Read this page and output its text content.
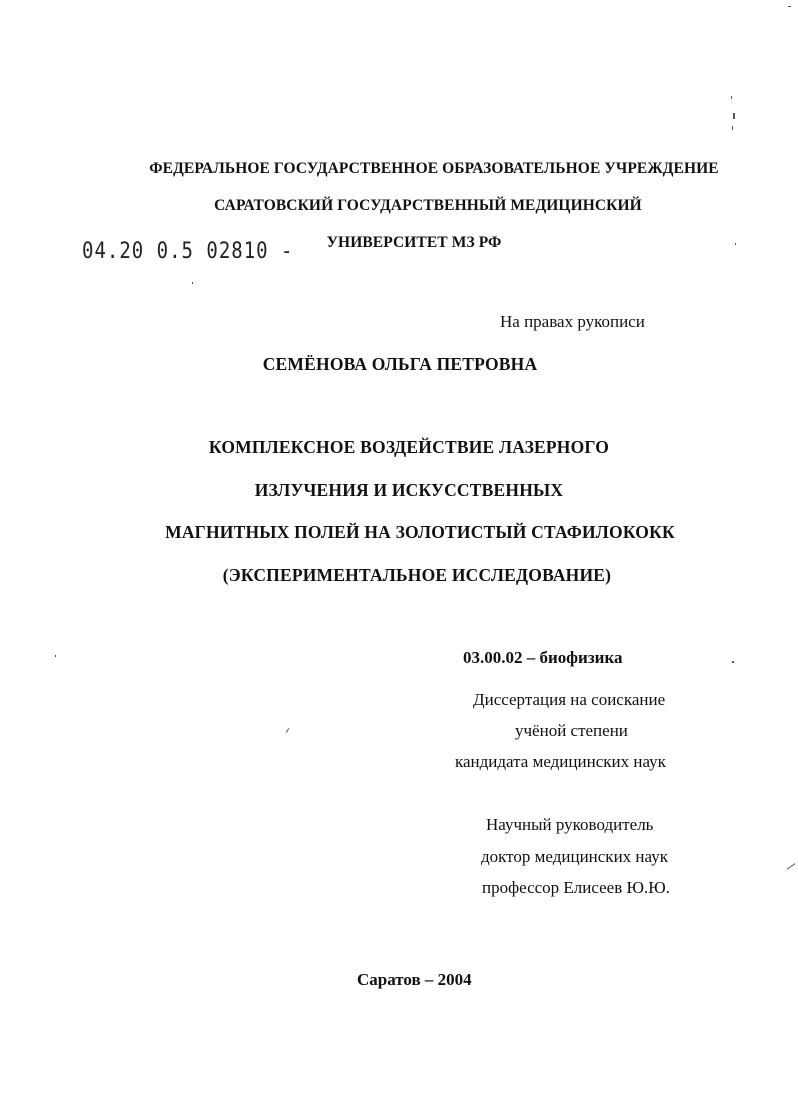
ФЕДЕРАЛЬНОЕ ГОСУДАРСТВЕННОЕ ОБРАЗОВАТЕЛЬНОЕ УЧРЕЖДЕНИЕ
САРАТОВСКИЙ ГОСУДАРСТВЕННЫЙ МЕДИЦИНСКИЙ
УНИВЕРСИТЕТ МЗ РФ
04.20 0.5 02810 -
На правах рукописи
СЕМЁНОВА ОЛЬГА ПЕТРОВНА
КОМПЛЕКСНОЕ ВОЗДЕЙСТВИЕ ЛАЗЕРНОГО
ИЗЛУЧЕНИЯ И ИСКУССТВЕННЫХ
МАГНИТНЫХ ПОЛЕЙ НА ЗОЛОТИСТЫЙ СТАФИЛОКОКК
(ЭКСПЕРИМЕНТАЛЬНОЕ ИССЛЕДОВАНИЕ)
03.00.02 – биофизика
Диссертация на соискание
учёной степени
кандидата медицинских наук
Научный руководитель
доктор медицинских наук
профессор Елисеев Ю.Ю.
Саратов – 2004
